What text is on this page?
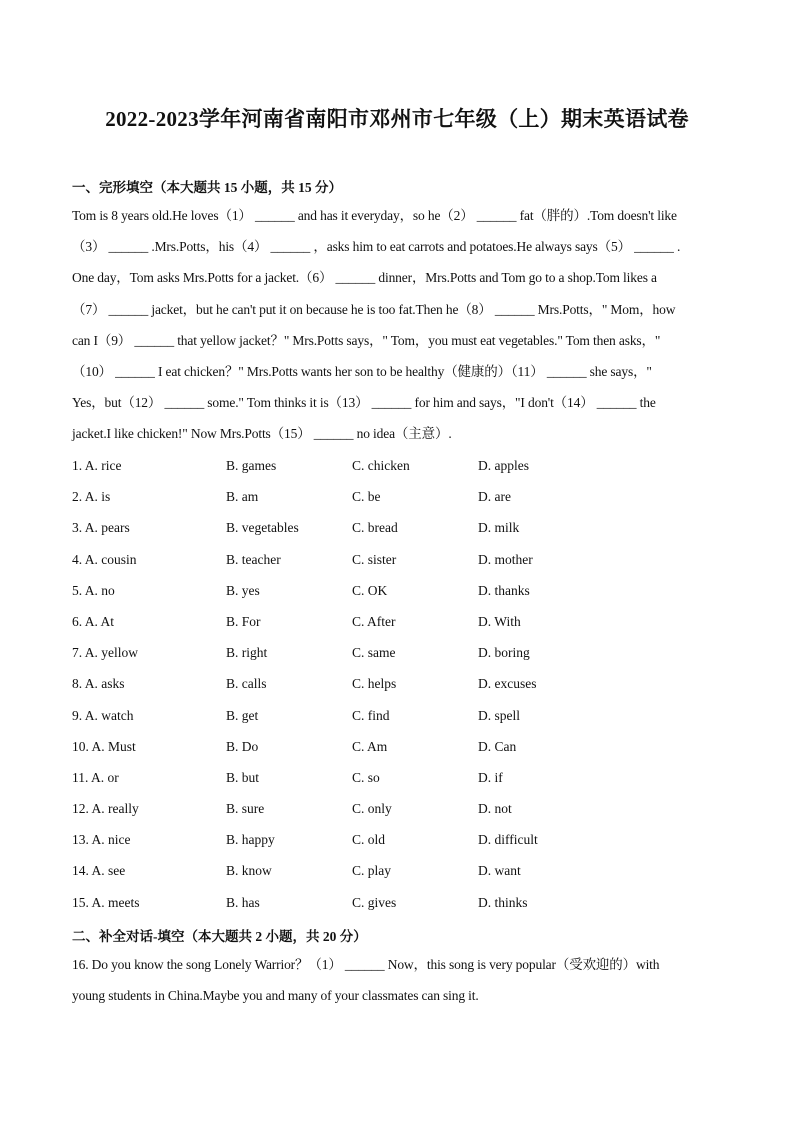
2022-2023学年河南省南阳市邓州市七年级（上）期末英语试卷
一、完形填空（本大题共 15 小题，共 15 分）
Tom is 8 years old.He loves（1） ______ and has it everyday，so he（2） ______ fat（胖的）.Tom doesn't like
（3） ______ .Mrs.Potts，his（4） ______ ，asks him to eat carrots and potatoes.He always says（5） ______ .
One day，Tom asks Mrs.Potts for a jacket.（6） ______ dinner，Mrs.Potts and Tom go to a shop.Tom likes a
（7） ______ jacket，but he can't put it on because he is too fat.Then he（8） ______ Mrs.Potts，" Mom，how
can I（9） ______ that yellow jacket？" Mrs.Potts says，" Tom，you must eat vegetables." Tom then asks，"
（10） ______ I eat chicken？" Mrs.Potts wants her son to be healthy（健康的）（11） ______ she says，"
Yes，but（12） ______ some." Tom thinks it is（13） ______ for him and says，"I don't（14） ______ the
jacket.I like chicken!" Now Mrs.Potts（15） ______ no idea（主意）.
1. A. rice	B. games	C. chicken	D. apples
2. A. is	B. am	C. be	D. are
3. A. pears	B. vegetables	C. bread	D. milk
4. A. cousin	B. teacher	C. sister	D. mother
5. A. no	B. yes	C. OK	D. thanks
6. A. At	B. For	C. After	D. With
7. A. yellow	B. right	C. same	D. boring
8. A. asks	B. calls	C. helps	D. excuses
9. A. watch	B. get	C. find	D. spell
10. A. Must	B. Do	C. Am	D. Can
11. A. or	B. but	C. so	D. if
12. A. really	B. sure	C. only	D. not
13. A. nice	B. happy	C. old	D. difficult
14. A. see	B. know	C. play	D. want
15. A. meets	B. has	C. gives	D. thinks
二、补全对话-填空（本大题共 2 小题，共 20 分）
16. Do you know the song Lonely Warrior？（1） ______ Now，this song is very popular（受欢迎的）with
young students in China.Maybe you and many of your classmates can sing it.
